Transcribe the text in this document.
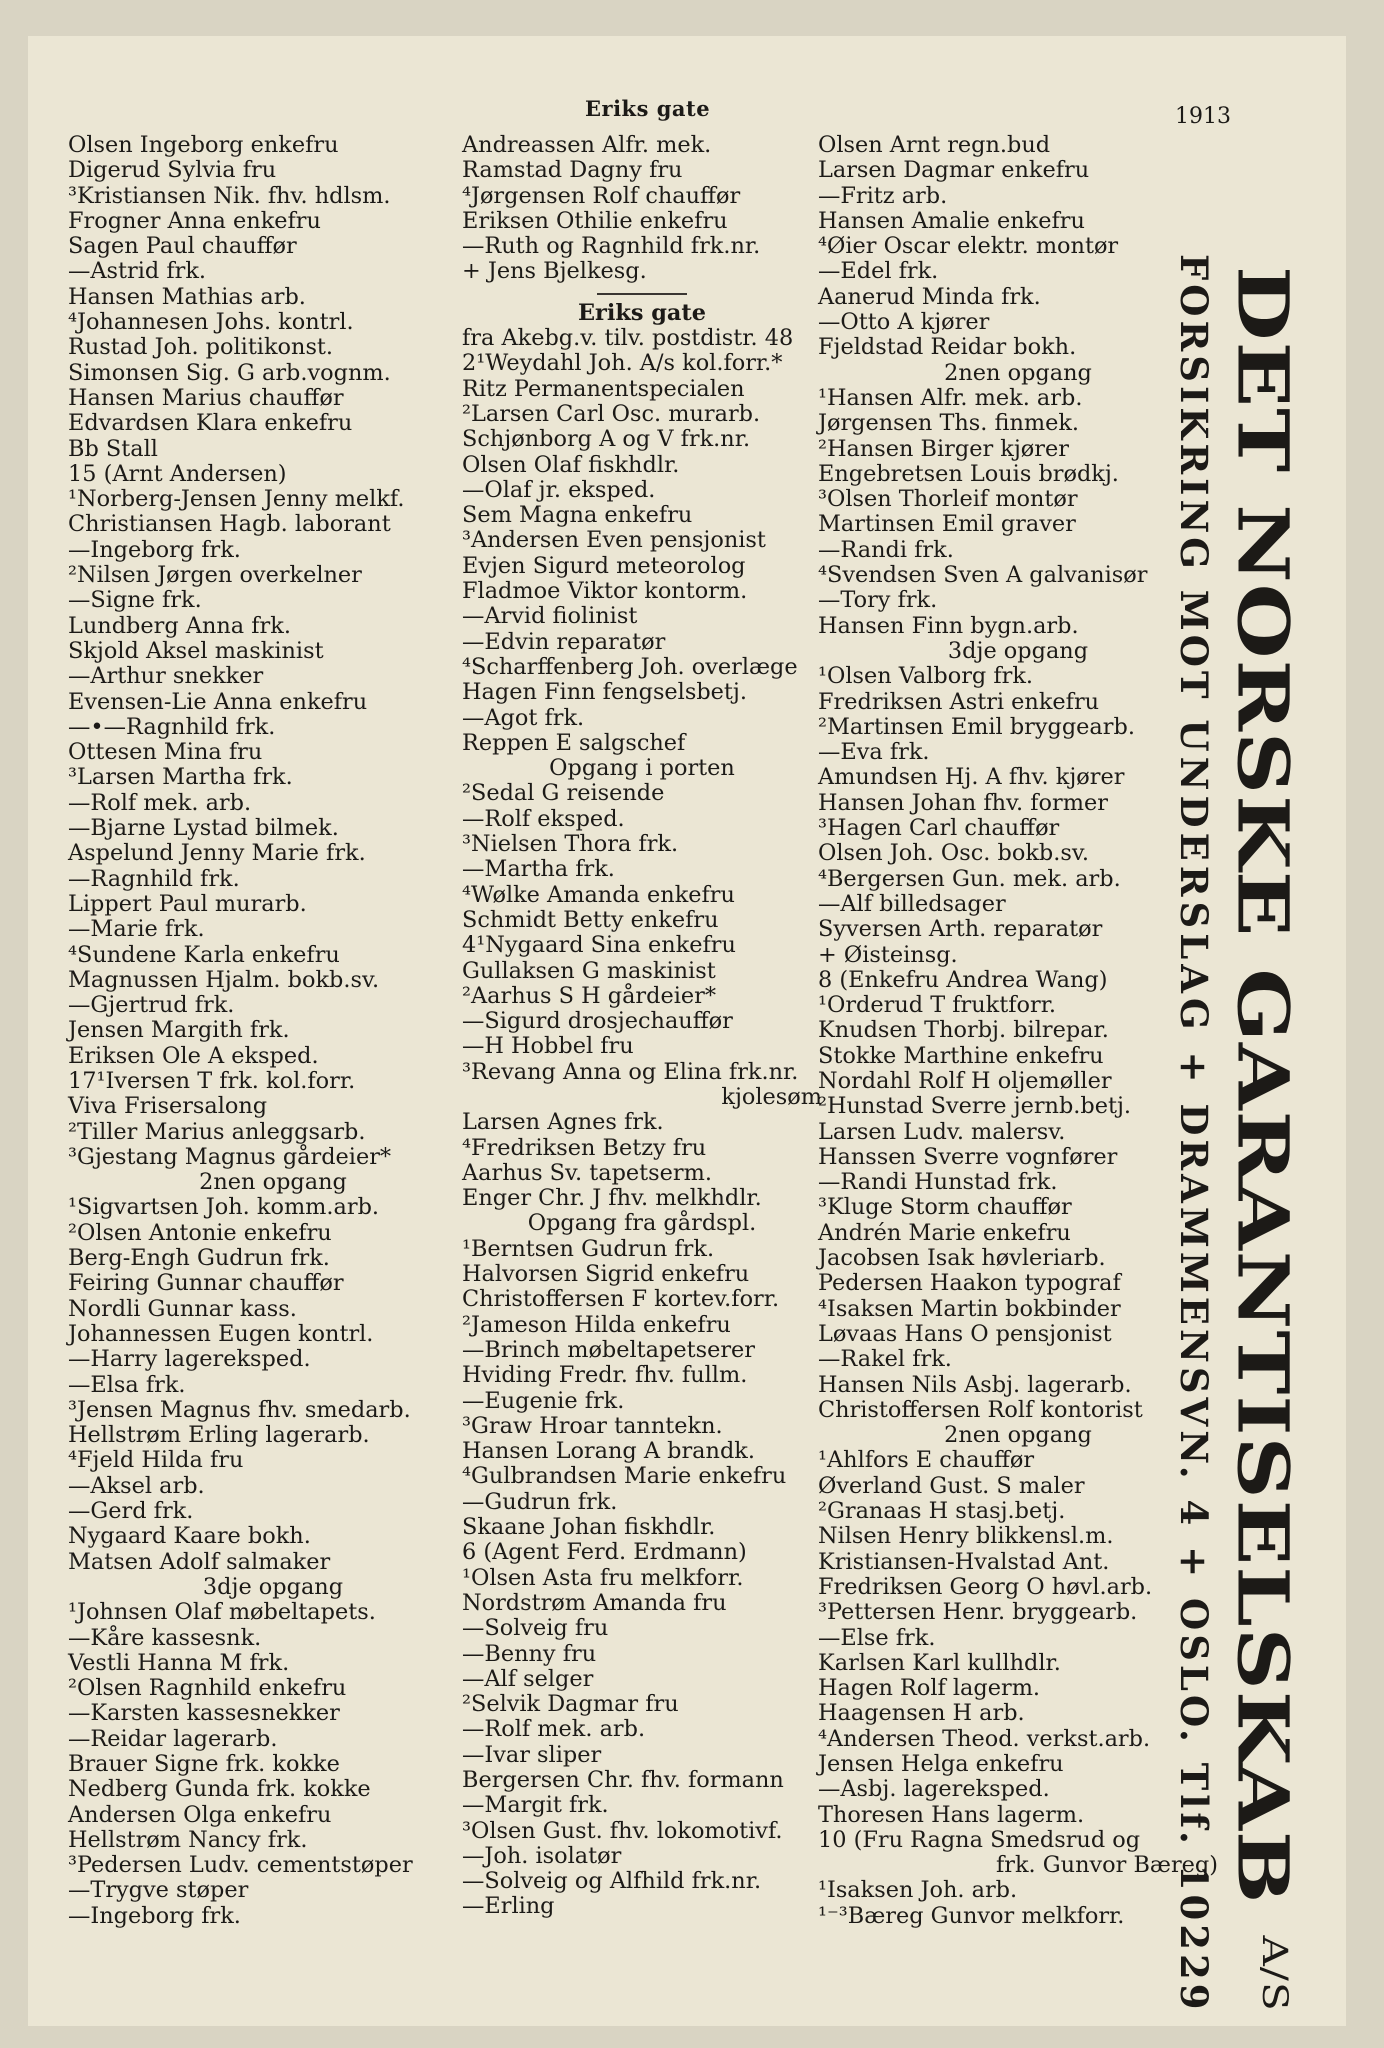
Eriks gate	1913
Olsen Ingeborg enkefru
Digerud Sylvia fru
³Kristiansen Nik. fhv. hdlsm.
Frogner Anna enkefru
Sagen Paul chauffør
—Astrid frk.
Hansen Mathias arb.
⁴Johannesen Johs. kontrl.
Rustad Joh. politikonst.
Simonsen Sig. G arb.vognm.
Hansen Marius chauffør
Edvardsen Klara enkefru
Bb Stall
15 (Arnt Andersen)
¹Norberg-Jensen Jenny melkf.
Christiansen Hagb. laborant
—Ingeborg frk.
²Nilsen Jørgen overkelner
—Signe frk.
Lundberg Anna frk.
Skjold Aksel maskinist
—Arthur snekker
Evensen-Lie Anna enkefru
—•—Ragnhild frk.
Ottesen Mina fru
³Larsen Martha frk.
—Rolf mek. arb.
—Bjarne Lystad bilmek.
Aspelund Jenny Marie frk.
—Ragnhild frk.
Lippert Paul murarb.
—Marie frk.
⁴Sundene Karla enkefru
Magnussen Hjalm. bokb.sv.
—Gjertrud frk.
Jensen Margith frk.
Eriksen Ole A eksped.
17¹Iversen T frk. kol.forr.
Viva Frisersalong
²Tiller Marius anleggsarb.
³Gjestang Magnus gårdeier*
2nen opgang
¹Sigvartsen Joh. komm.arb.
²Olsen Antonie enkefru
Berg-Engh Gudrun frk.
Feiring Gunnar chauffør
Nordli Gunnar kass.
Johannessen Eugen kontrl.
—Harry lagereksped.
—Elsa frk.
³Jensen Magnus fhv. smedarb.
Hellstrøm Erling lagerarb.
⁴Fjeld Hilda fru
—Aksel arb.
—Gerd frk.
Nygaard Kaare bokh.
Matsen Adolf salmaker
3dje opgang
¹Johnsen Olaf møbeltapets.
—Kåre kassesnk.
Vestli Hanna M frk.
²Olsen Ragnhild enkefru
—Karsten kassesnekker
—Reidar lagerarb.
Brauer Signe frk. kokke
Nedberg Gunda frk. kokke
Andersen Olga enkefru
Hellstrøm Nancy frk.
³Pedersen Ludv. cementstøper
—Trygve støper
—Ingeborg frk.
Andreassen Alfr. mek.
Ramstad Dagny fru
⁴Jørgensen Rolf chauffør
Eriksen Othilie enkefru
—Ruth og Ragnhild frk.nr.
+ Jens Bjelkesg.
Eriks gate
fra Akebg.v. tilv. postdistr. 48
2¹Weydahl Joh. A/s kol.forr.*
Ritz Permanentspecialen
²Larsen Carl Osc. murarb.
Schjønborg A og V frk.nr.
Olsen Olaf fiskhdlr.
—Olaf jr. eksped.
Sem Magna enkefru
³Andersen Even pensjonist
Evjen Sigurd meteorolog
Fladmoe Viktor kontorm.
—Arvid fiolinist
—Edvin reparatør
⁴Scharffenberg Joh. overlæge
Hagen Finn fengselsbetj.
—Agot frk.
Reppen E salgschef
Opgang i porten
²Sedal G reisende
—Rolf eksped.
³Nielsen Thora frk.
—Martha frk.
⁴Wølke Amanda enkefru
Schmidt Betty enkefru
4¹Nygaard Sina enkefru
Gullaksen G maskinist
²Aarhus S H gårdeier*
—Sigurd drosjechauffør
—H Hobbel fru
³Revang Anna og Elina frk.nr.
kjolesøm
Larsen Agnes frk.
⁴Fredriksen Betzy fru
Aarhus Sv. tapetserm.
Enger Chr. J fhv. melkhdlr.
Opgang fra gårdspl.
¹Berntsen Gudrun frk.
Halvorsen Sigrid enkefru
Christoffersen F kortev.forr.
²Jameson Hilda enkefru
—Brinch møbeltapetserer
Hviding Fredr. fhv. fullm.
—Eugenie frk.
³Graw Hroar tanntekn.
Hansen Lorang A brandk.
⁴Gulbrandsen Marie enkefru
—Gudrun frk.
Skaane Johan fiskhdlr.
6 (Agent Ferd. Erdmann)
¹Olsen Asta fru melkforr.
Nordstrøm Amanda fru
—Solveig fru
—Benny fru
—Alf selger
²Selvik Dagmar fru
—Rolf mek. arb.
—Ivar sliper
Bergersen Chr. fhv. formann
—Margit frk.
³Olsen Gust. fhv. lokomotivf.
—Joh. isolatør
—Solveig og Alfhild frk.nr.
—Erling
Olsen Arnt regn.bud
Larsen Dagmar enkefru
—Fritz arb.
Hansen Amalie enkefru
⁴Øier Oscar elektr. montør
—Edel frk.
Aanerud Minda frk.
—Otto A kjører
Fjeldstad Reidar bokh.
2nen opgang
¹Hansen Alfr. mek. arb.
Jørgensen Ths. finmek.
²Hansen Birger kjører
Engebretsen Louis brødkj.
³Olsen Thorleif montør
Martinsen Emil graver
—Randi frk.
⁴Svendsen Sven A galvanisør
—Tory frk.
Hansen Finn bygn.arb.
3dje opgang
¹Olsen Valborg frk.
Fredriksen Astri enkefru
²Martinsen Emil bryggearb.
—Eva frk.
Amundsen Hj. A fhv. kjører
Hansen Johan fhv. former
³Hagen Carl chauffør
Olsen Joh. Osc. bokb.sv.
⁴Bergersen Gun. mek. arb.
—Alf billedsager
Syversen Arth. reparatør
+ Øisteinsg.
8 (Enkefru Andrea Wang)
¹Orderud T fruktforr.
Knudsen Thorbj. bilrepar.
Stokke Marthine enkefru
Nordahl Rolf H oljemøller
²Hunstad Sverre jernb.betj.
Larsen Ludv. malersv.
Hanssen Sverre vognfører
—Randi Hunstad frk.
³Kluge Storm chauffør
Andrén Marie enkefru
Jacobsen Isak høvleriarb.
Pedersen Haakon typograf
⁴Isaksen Martin bokbinder
Løvaas Hans O pensjonist
—Rakel frk.
Hansen Nils Asbj. lagerarb.
Christoffersen Rolf kontorist
2nen opgang
¹Ahlfors E chauffør
Øverland Gust. S maler
²Granaas H stasj.betj.
Nilsen Henry blikkensl.m.
Kristiansen-Hvalstad Ant.
Fredriksen Georg O høvl.arb.
³Pettersen Henr. bryggearb.
—Else frk.
Karlsen Karl kullhdlr.
Hagen Rolf lagerm.
Haagensen H arb.
⁴Andersen Theod. verkst.arb.
Jensen Helga enkefru
—Asbj. lagereksped.
Thoresen Hans lagerm.
10 (Fru Ragna Smedsrud og
frk. Gunvor Bæreg)
¹Isaksen Joh. arb.
¹⁻³Bæreg Gunvor melkforr.
DET NORSKE GARANTISELSKAB $^{A/S}$
FORSIKRING MOT UNDERSLAG + DRAMMENSVN. 4 + OSLO. Tlf. 10229
